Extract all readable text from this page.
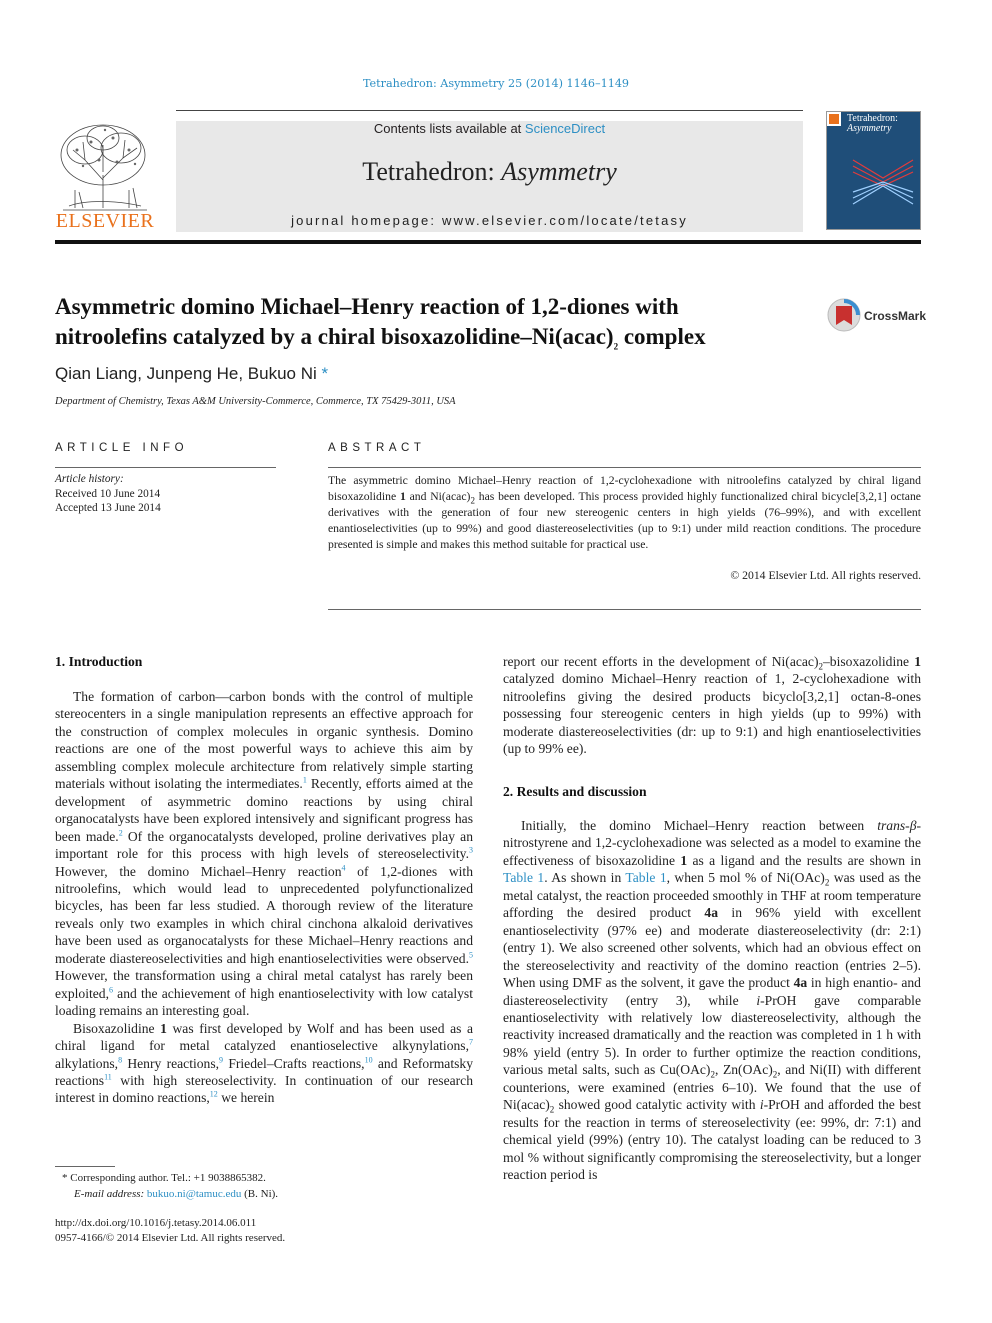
Tetrahedron: Asymmetry 25 (2014) 1146–1149
ELSEVIER
Contents lists available at ScienceDirect
Tetrahedron: Asymmetry
journal homepage: www.elsevier.com/locate/tetasy
Tetrahedron:
Asymmetry
Asymmetric domino Michael–Henry reaction of 1,2-diones with
nitroolefins catalyzed by a chiral bisoxazolidine–$Ni(acac)_2$ complex
CrossMark
Qian Liang, Junpeng He, Bukuo Ni *
Department of Chemistry, Texas A&M University-Commerce, Commerce, TX 75429-3011, USA
ARTICLE INFO
Article history:
Received 10 June 2014
Accepted 13 June 2014
ABSTRACT
The asymmetric domino Michael–Henry reaction of 1,2-cyclohexadione with nitroolefins catalyzed by chiral ligand bisoxazolidine 1 and $Ni(acac)_2$ has been developed. This process provided highly functionalized chiral bicycle[3,2,1] octane derivatives with the generation of four new stereogenic centers in high yields (76–99%), and with excellent enantioselectivities (up to 99%) and good diastereoselectivities (up to 9:1) under mild reaction conditions. The procedure presented is simple and makes this method suitable for practical use.
© 2014 Elsevier Ltd. All rights reserved.
1. Introduction

The formation of carbon—carbon bonds with the control of multiple stereocenters in a single manipulation represents an effective approach for the construction of complex molecules in organic synthesis. Domino reactions are one of the most powerful ways to achieve this aim by assembling complex molecule architecture from relatively simple starting materials without isolating the intermediates.$^1$ Recently, efforts aimed at the development of asymmetric domino reactions by using chiral organocatalysts have been explored intensively and significant progress has been made.$^2$ Of the organocatalysts developed, proline derivatives play an important role for this process with high levels of stereoselectivity.$^3$ However, the domino Michael–Henry reaction$^4$ of 1,2-diones with nitroolefins, which would lead to unprecedented polyfunctionalized bicycles, has been far less studied. A thorough review of the literature reveals only two examples in which chiral cinchona alkaloid derivatives have been used as organocatalysts for these Michael–Henry reactions and moderate diastereoselectivities and high enantioselectivities were observed.$^5$ However, the transformation using a chiral metal catalyst has rarely been exploited,$^6$ and the achievement of high enantioselectivity with low catalyst loading remains an interesting goal.

Bisoxazolidine 1 was first developed by Wolf and has been used as a chiral ligand for metal catalyzed enantioselective alkynylations,$^7$ alkylations,$^8$ Henry reactions,$^9$ Friedel–Crafts reactions,$^{10}$ and Reformatsky reactions$^{11}$ with high stereoselectivity. In continuation of our research interest in domino reactions,$^{12}$ we herein

* Corresponding author. Tel.: +1 9038865382.
E-mail address: bukuo.ni@tamuc.edu (B. Ni).
http://dx.doi.org/10.1016/j.tetasy.2014.06.011
0957-4166/© 2014 Elsevier Ltd. All rights reserved.

report our recent efforts in the development of $Ni(acac)_2$–bisoxazolidine 1 catalyzed domino Michael–Henry reaction of 1, 2-cyclohexadione with nitroolefins giving the desired products bicyclo[3,2,1] octan-8-ones possessing four stereogenic centers in high yields (up to 99%) with moderate diastereoselectivities (dr: up to 9:1) and high enantioselectivities (up to 99% ee).

2. Results and discussion

Initially, the domino Michael–Henry reaction between trans-β-nitrostyrene and 1,2-cyclohexadione was selected as a model to examine the effectiveness of bisoxazolidine 1 as a ligand and the results are shown in Table 1. As shown in Table 1, when 5 mol % of $Ni(OAc)_2$ was used as the metal catalyst, the reaction proceeded smoothly in THF at room temperature affording the desired product 4a in 96% yield with excellent enantioselectivity (97% ee) and moderate diastereoselectivity (dr: 2:1) (entry 1). We also screened other solvents, which had an obvious effect on the stereoselectivity and reactivity of the domino reaction (entries 2–5). When using DMF as the solvent, it gave the product 4a in high enantio- and diastereoselectivity (entry 3), while i-PrOH gave comparable enantioselectivity with relatively low diastereoselectivity, although the reactivity increased dramatically and the reaction was completed in 1 h with 98% yield (entry 5). In order to further optimize the reaction conditions, various metal salts, such as $Cu(OAc)_2$, $Zn(OAc)_2$, and Ni(II) with different counterions, were examined (entries 6–10). We found that the use of $Ni(acac)_2$ showed good catalytic activity with i-PrOH and afforded the best results for the reaction in terms of stereoselectivity (ee: 99%, dr: 7:1) and chemical yield (99%) (entry 10). The catalyst loading can be reduced to 3 mol % without significantly compromising the stereoselectivity, but a longer reaction period is
